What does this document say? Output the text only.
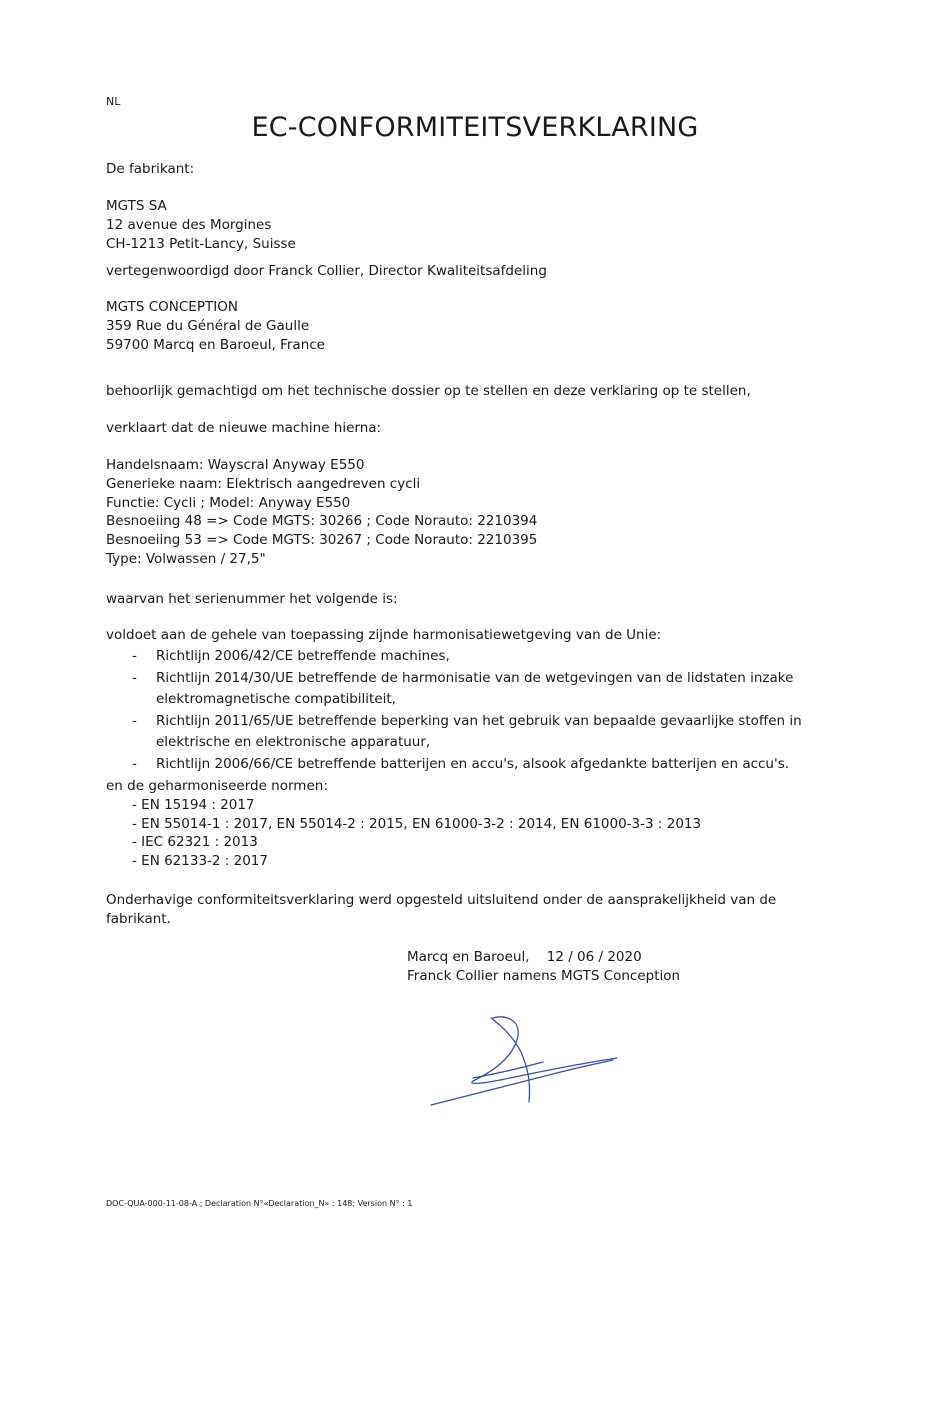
NL
EC-CONFORMITEITSVERKLARING
De fabrikant:
MGTS SA
12 avenue des Morgines
CH-1213 Petit-Lancy, Suisse
vertegenwoordigd door Franck Collier, Director Kwaliteitsafdeling
MGTS CONCEPTION
359 Rue du Général de Gaulle
59700 Marcq en Baroeul, France
behoorlijk gemachtigd om het technische dossier op te stellen en deze verklaring op te stellen,
verklaart dat de nieuwe machine hierna:
Handelsnaam: Wayscral Anyway E550
Generieke naam: Elektrisch aangedreven cycli
Functie: Cycli ; Model: Anyway E550
Besnoeiing 48 => Code MGTS: 30266 ; Code Norauto: 2210394
Besnoeiing 53 => Code MGTS: 30267 ; Code Norauto: 2210395
Type: Volwassen / 27,5"
waarvan het serienummer het volgende is:
voldoet aan de gehele van toepassing zijnde harmonisatiewetgeving van de Unie:
- Richtlijn 2006/42/CE betreffende machines,
- Richtlijn 2014/30/UE betreffende de harmonisatie van de wetgevingen van de lidstaten inzake elektromagnetische compatibiliteit,
- Richtlijn 2011/65/UE betreffende beperking van het gebruik van bepaalde gevaarlijke stoffen in elektrische en elektronische apparatuur,
- Richtlijn 2006/66/CE betreffende batterijen en accu's, alsook afgedankte batterijen en accu's.
en de geharmoniseerde normen:
- EN 15194 : 2017
- EN 55014-1 : 2017, EN 55014-2 : 2015, EN 61000-3-2 : 2014, EN 61000-3-3 : 2013
- IEC 62321 : 2013
- EN 62133-2 : 2017
Onderhavige conformiteitsverklaring werd opgesteld uitsluitend onder de aansprakelijkheid van de
fabrikant.
Marcq en Baroeul,    12 / 06 / 2020
Franck Collier namens MGTS Conception
DOC-QUA-000-11-08-A ; Declaration N°«Declaration_N» : 148; Version N° : 1
